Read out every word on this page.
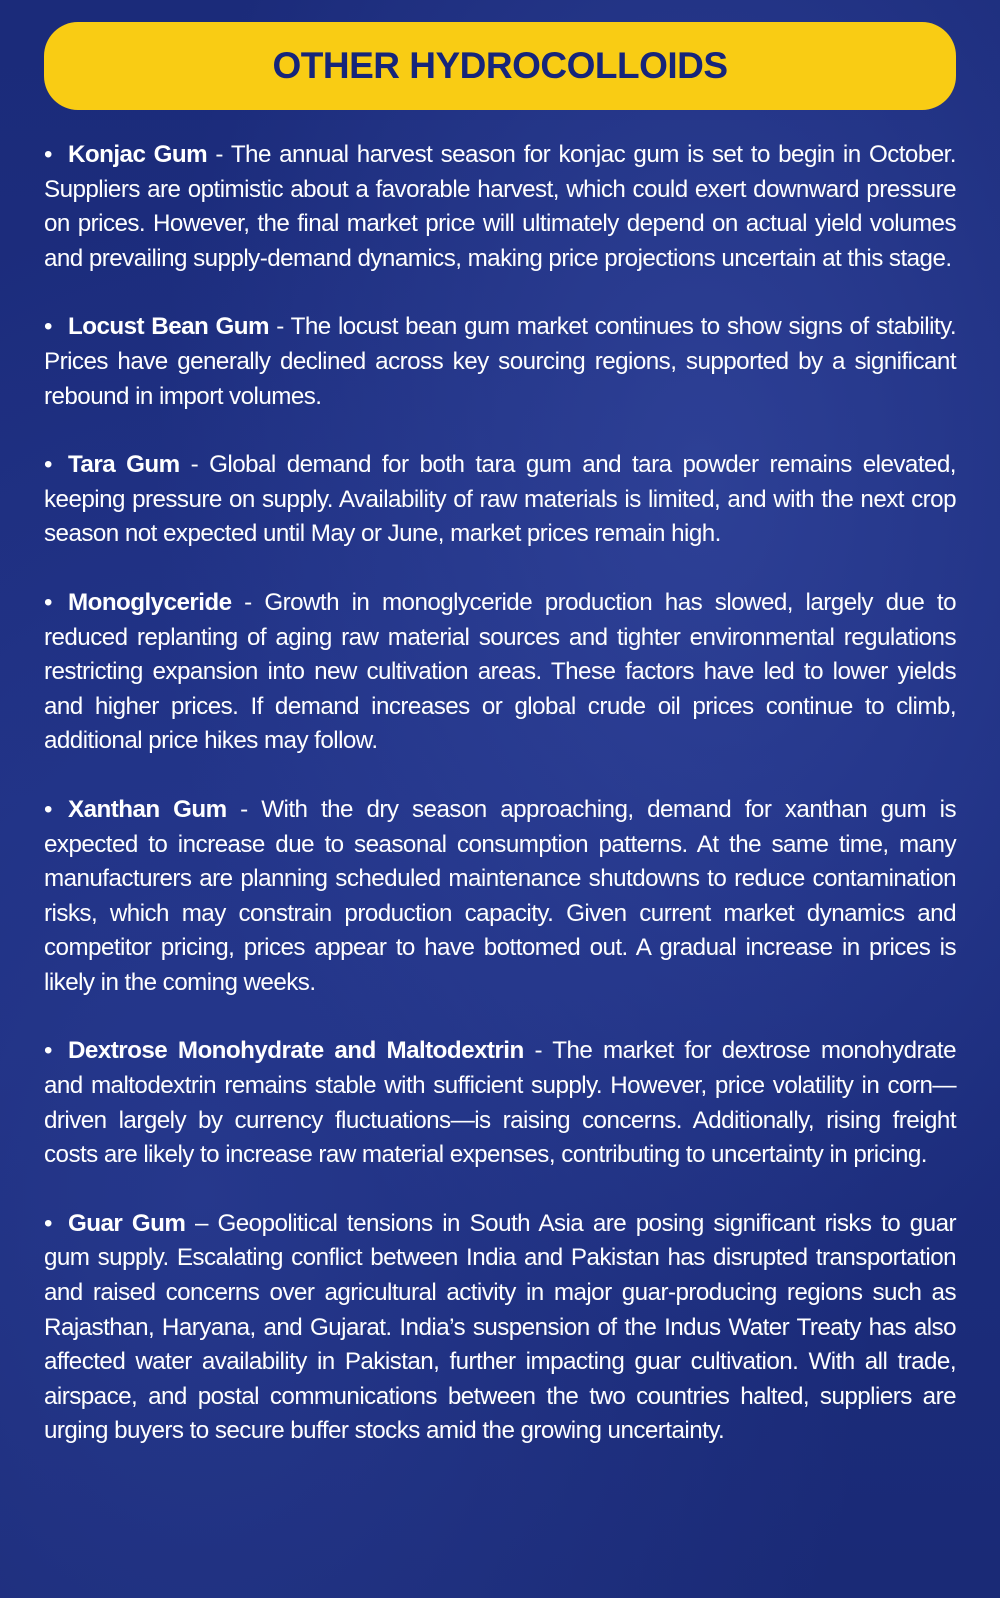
OTHER HYDROCOLLOIDS

• Konjac Gum - The annual harvest season for konjac gum is set to begin in October. Suppliers are optimistic about a favorable harvest, which could exert downward pressure on prices. However, the final market price will ultimately depend on actual yield volumes and prevailing supply-demand dynamics, making price projections uncertain at this stage.

• Locust Bean Gum - The locust bean gum market continues to show signs of stability. Prices have generally declined across key sourcing regions, supported by a significant rebound in import volumes.

• Tara Gum - Global demand for both tara gum and tara powder remains elevated, keeping pressure on supply. Availability of raw materials is limited, and with the next crop season not expected until May or June, market prices remain high.

• Monoglyceride - Growth in monoglyceride production has slowed, largely due to reduced replanting of aging raw material sources and tighter environmental regulations restricting expansion into new cultivation areas. These factors have led to lower yields and higher prices. If demand increases or global crude oil prices continue to climb, additional price hikes may follow.

• Xanthan Gum - With the dry season approaching, demand for xanthan gum is expected to increase due to seasonal consumption patterns. At the same time, many manufacturers are planning scheduled maintenance shutdowns to reduce contamination risks, which may constrain production capacity. Given current market dynamics and competitor pricing, prices appear to have bottomed out. A gradual increase in prices is likely in the coming weeks.

• Dextrose Monohydrate and Maltodextrin - The market for dextrose monohydrate and maltodextrin remains stable with sufficient supply. However, price volatility in corn—driven largely by currency fluctuations—is raising concerns. Additionally, rising freight costs are likely to increase raw material expenses, contributing to uncertainty in pricing.

• Guar Gum – Geopolitical tensions in South Asia are posing significant risks to guar gum supply. Escalating conflict between India and Pakistan has disrupted transportation and raised concerns over agricultural activity in major guar-producing regions such as Rajasthan, Haryana, and Gujarat. India’s suspension of the Indus Water Treaty has also affected water availability in Pakistan, further impacting guar cultivation. With all trade, airspace, and postal communications between the two countries halted, suppliers are urging buyers to secure buffer stocks amid the growing uncertainty.
